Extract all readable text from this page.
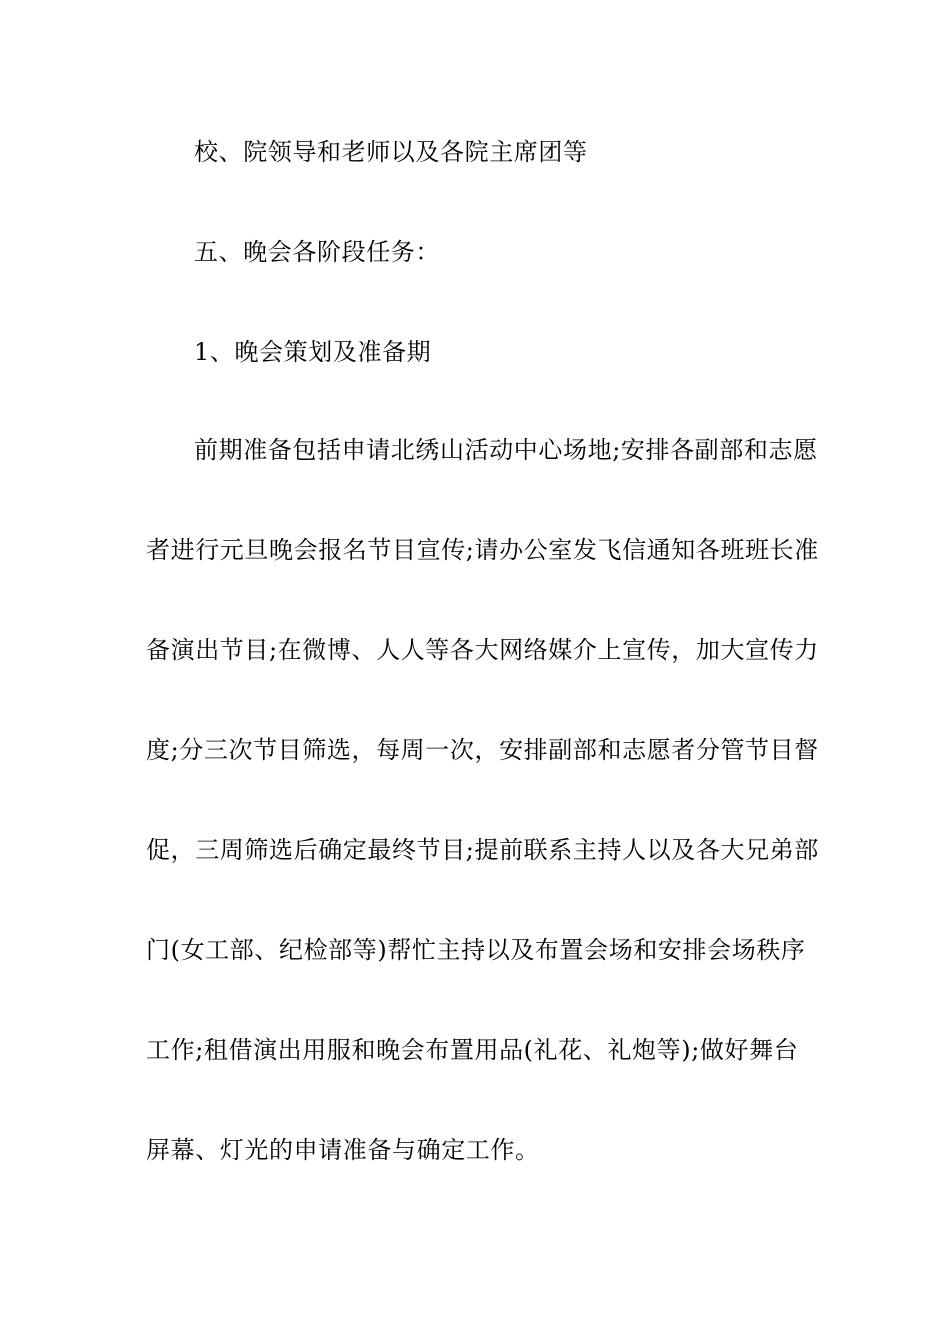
校、院领导和老师以及各院主席团等
五、晚会各阶段任务：
1、晚会策划及准备期
前期准备包括申请北绣山活动中心场地;安排各副部和志愿
者进行元旦晚会报名节目宣传;请办公室发飞信通知各班班长准
备演出节目;在微博、人人等各大网络媒介上宣传，加大宣传力
度;分三次节目筛选，每周一次，安排副部和志愿者分管节目督
促，三周筛选后确定最终节目;提前联系主持人以及各大兄弟部
门(女工部、纪检部等)帮忙主持以及布置会场和安排会场秩序
工作;租借演出用服和晚会布置用品(礼花、礼炮等);做好舞台
屏幕、灯光的申请准备与确定工作。
